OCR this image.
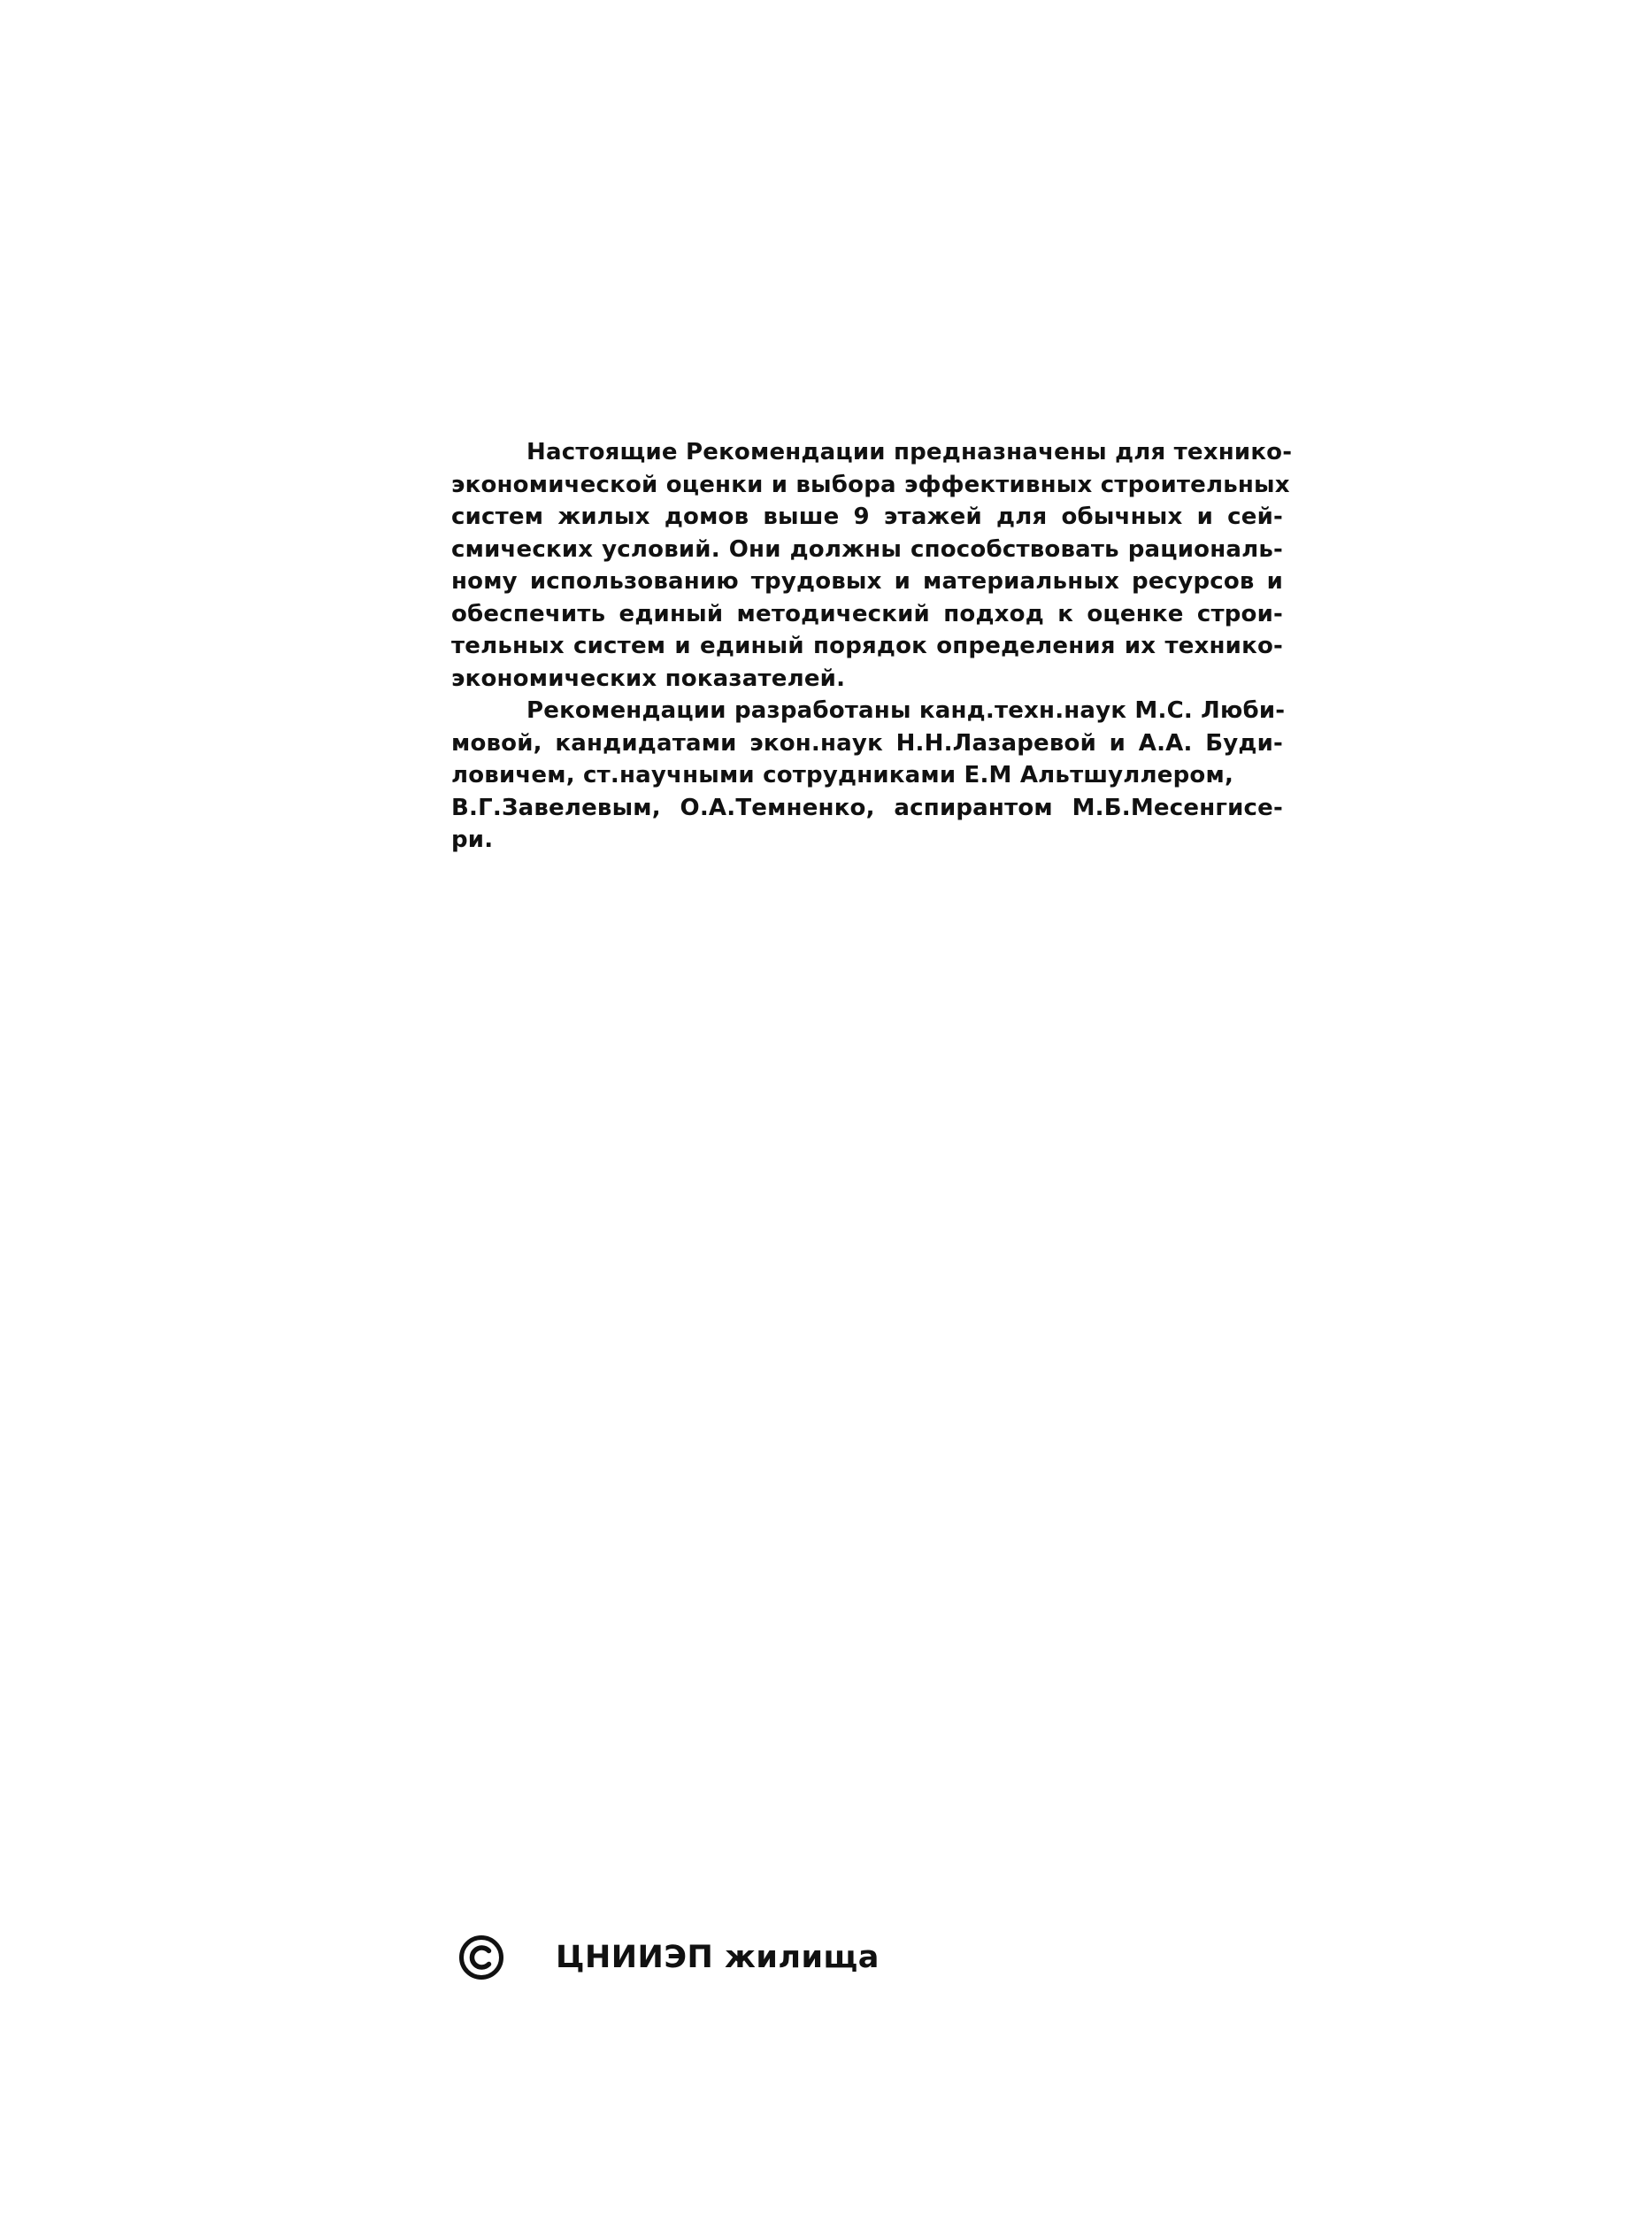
Настоящие Рекомендации предназначены для технико-
экономической оценки и выбора эффективных строительных
систем жилых домов выше 9 этажей для обычных и сей-
смических условий. Они должны способствовать рациональ-
ному использованию трудовых и материальных ресурсов и
обеспечить единый методический подход к оценке строи-
тельных систем и единый порядок определения их технико-
экономических показателей.
Рекомендации разработаны канд.техн.наук М.С. Люби-
мовой, кандидатами экон.наук Н.Н.Лазаревой и А.А. Буди-
ловичем, ст.научными сотрудниками Е.М Альтшуллером,
В.Г.Завелевым, О.А.Темненко, аспирантом М.Б.Месенгисе-
ри.
ЦНИИЭП жилища
